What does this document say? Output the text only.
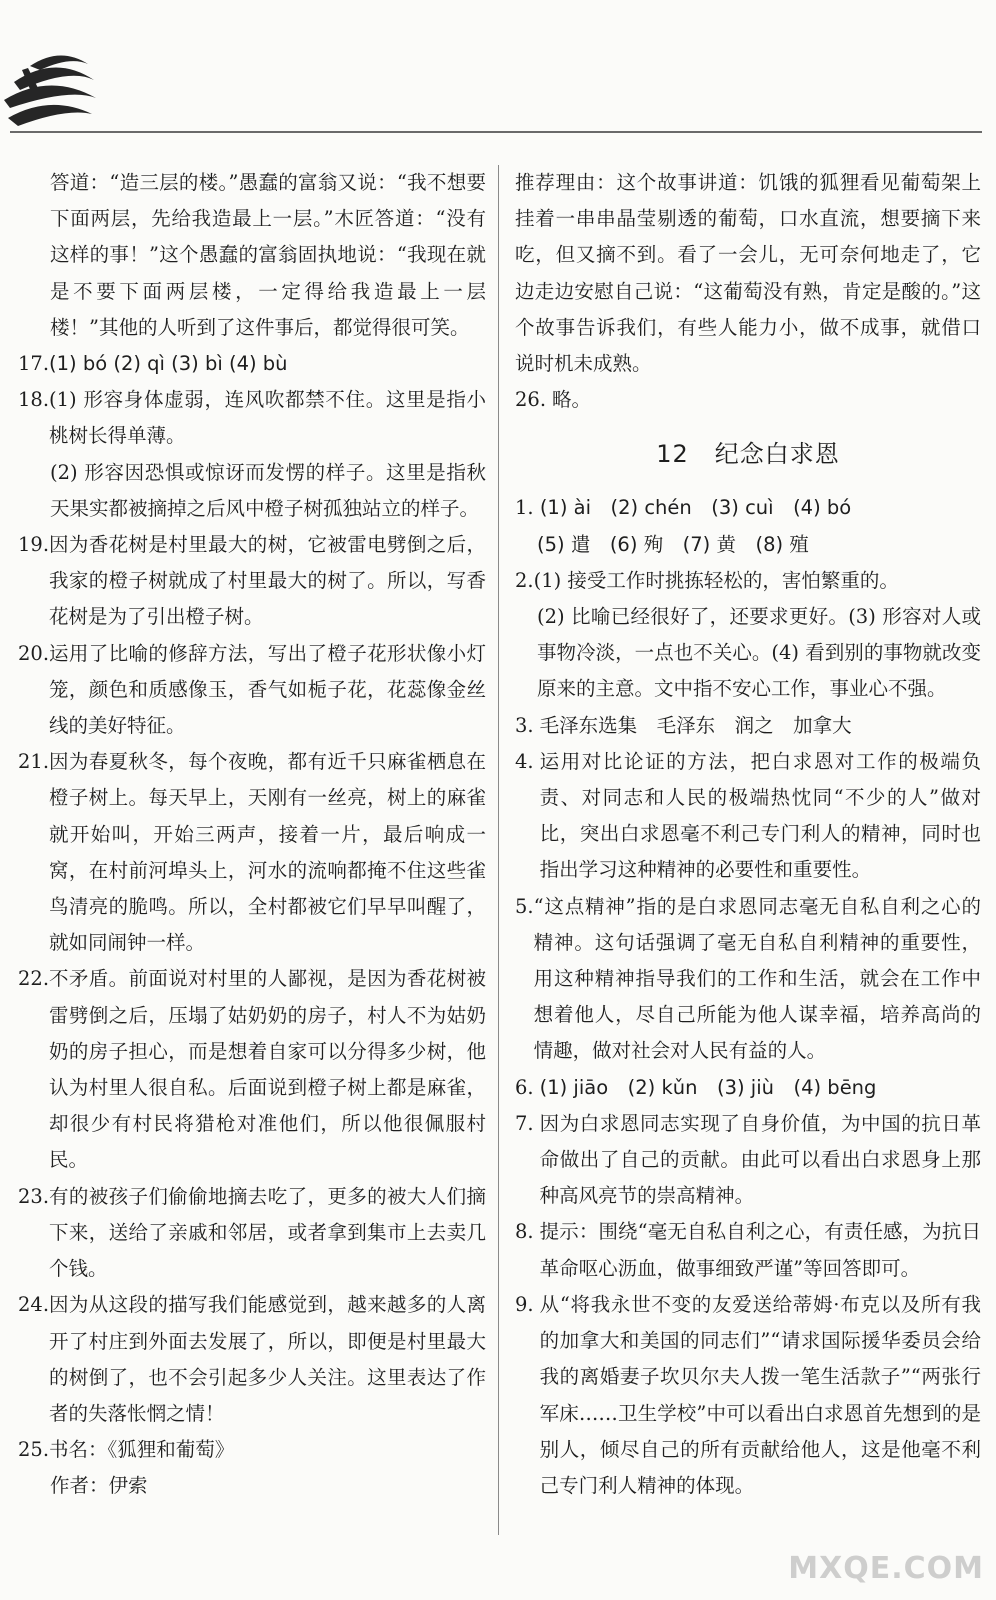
答道：“造三层的楼。”愚蠢的富翁又说：“我不想要下面两层，先给我造最上一层。”木匠答道：“没有这样的事！”这个愚蠢的富翁固执地说：“我现在就是不要下面两层楼，一定得给我造最上一层楼！”其他的人听到了这件事后，都觉得很可笑。
17. (1) bó (2) qì (3) bì (4) bù
18. (1) 形容身体虚弱，连风吹都禁不住。这里是指小桃树长得单薄。
(2) 形容因恐惧或惊讶而发愣的样子。这里是指秋天果实都被摘掉之后风中橙子树孤独站立的样子。
19. 因为香花树是村里最大的树，它被雷电劈倒之后，我家的橙子树就成了村里最大的树了。所以，写香花树是为了引出橙子树。
20. 运用了比喻的修辞方法，写出了橙子花形状像小灯笼，颜色和质感像玉，香气如栀子花，花蕊像金丝线的美好特征。
21. 因为春夏秋冬，每个夜晚，都有近千只麻雀栖息在橙子树上。每天早上，天刚有一丝亮，树上的麻雀就开始叫，开始三两声，接着一片，最后响成一窝，在村前河埠头上，河水的流响都掩不住这些雀鸟清亮的脆鸣。所以，全村都被它们早早叫醒了，就如同闹钟一样。
22. 不矛盾。前面说对村里的人鄙视，是因为香花树被雷劈倒之后，压塌了姑奶奶的房子，村人不为姑奶奶的房子担心，而是想着自家可以分得多少树，他认为村里人很自私。后面说到橙子树上都是麻雀，却很少有村民将猎枪对准他们，所以他很佩服村民。
23. 有的被孩子们偷偷地摘去吃了，更多的被大人们摘下来，送给了亲戚和邻居，或者拿到集市上去卖几个钱。
24. 因为从这段的描写我们能感觉到，越来越多的人离开了村庄到外面去发展了，所以，即便是村里最大的树倒了，也不会引起多少人关注。这里表达了作者的失落怅惘之情！
25. 书名：《狐狸和葡萄》
作者：伊索
推荐理由：这个故事讲道：饥饿的狐狸看见葡萄架上挂着一串串晶莹剔透的葡萄，口水直流，想要摘下来吃，但又摘不到。看了一会儿，无可奈何地走了，它边走边安慰自己说：“这葡萄没有熟，肯定是酸的。”这个故事告诉我们，有些人能力小，做不成事，就借口说时机未成熟。
26. 略。
12 纪念白求恩
1. (1) ài　(2) chén　(3) cuì　(4) bó
(5) 遣　(6) 殉　(7) 黄　(8) 殖
2. (1) 接受工作时挑拣轻松的，害怕繁重的。
(2) 比喻已经很好了，还要求更好。(3) 形容对人或事物冷淡，一点也不关心。(4) 看到别的事物就改变原来的主意。文中指不安心工作，事业心不强。
3. 毛泽东选集　毛泽东　润之　加拿大
4. 运用对比论证的方法，把白求恩对工作的极端负责、对同志和人民的极端热忱同“不少的人”做对比，突出白求恩毫不利己专门利人的精神，同时也指出学习这种精神的必要性和重要性。
5. “这点精神”指的是白求恩同志毫无自私自利之心的精神。这句话强调了毫无自私自利精神的重要性，用这种精神指导我们的工作和生活，就会在工作中想着他人，尽自己所能为他人谋幸福，培养高尚的情趣，做对社会对人民有益的人。
6. (1) jiāo　(2) kǔn　(3) jiù　(4) bēng
7. 因为白求恩同志实现了自身价值，为中国的抗日革命做出了自己的贡献。由此可以看出白求恩身上那种高风亮节的崇高精神。
8. 提示：围绕“毫无自私自利之心，有责任感，为抗日革命呕心沥血，做事细致严谨”等回答即可。
9. 从“将我永世不变的友爱送给蒂姆·布克以及所有我的加拿大和美国的同志们”“请求国际援华委员会给我的离婚妻子坎贝尔夫人拨一笔生活款子”“两张行军床……卫生学校”中可以看出白求恩首先想到的是别人，倾尽自己的所有贡献给他人，这是他毫不利己专门利人精神的体现。
MXQE.COM
